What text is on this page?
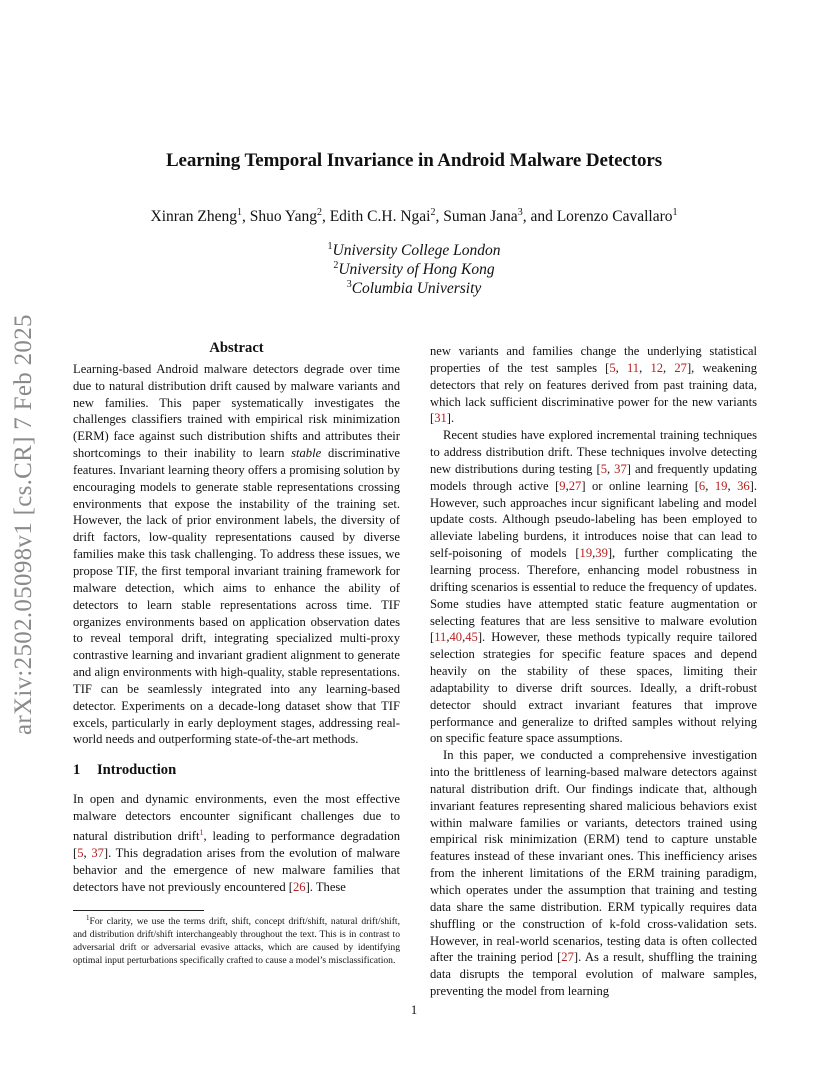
arXiv:2502.05098v1 [cs.CR] 7 Feb 2025
Learning Temporal Invariance in Android Malware Detectors
Xinran Zheng$^1$, Shuo Yang$^2$, Edith C.H. Ngai$^2$, Suman Jana$^3$, and Lorenzo Cavallaro$^1$
$^1$University College London
$^2$University of Hong Kong
$^3$Columbia University
Abstract

Learning-based Android malware detectors degrade over time due to natural distribution drift caused by malware variants and new families. This paper systematically investigates the challenges classifiers trained with empirical risk minimization (ERM) face against such distribution shifts and attributes their shortcomings to their inability to learn stable discriminative features. Invariant learning theory offers a promising solution by encouraging models to generate stable representations crossing environments that expose the instability of the training set. However, the lack of prior environment labels, the diversity of drift factors, low-quality representations caused by diverse families make this task challenging. To address these issues, we propose TIF, the first temporal invariant training framework for malware detection, which aims to enhance the ability of detectors to learn stable representations across time. TIF organizes environments based on application observation dates to reveal temporal drift, integrating specialized multi-proxy contrastive learning and invariant gradient alignment to generate and align environments with high-quality, stable representations. TIF can be seamlessly integrated into any learning-based detector. Experiments on a decade-long dataset show that TIF excels, particularly in early deployment stages, addressing real-world needs and outperforming state-of-the-art methods.

1 Introduction

In open and dynamic environments, even the most effective malware detectors encounter significant challenges due to natural distribution drift$^1$, leading to performance degradation [5, 37]. This degradation arises from the evolution of malware behavior and the emergence of new malware families that detectors have not previously encountered [26]. These

new variants and families change the underlying statistical properties of the test samples [5, 11, 12, 27], weakening detectors that rely on features derived from past training data, which lack sufficient discriminative power for the new variants [31].

Recent studies have explored incremental training techniques to address distribution drift. These techniques involve detecting new distributions during testing [5, 37] and frequently updating models through active [9,27] or online learning [6, 19, 36]. However, such approaches incur significant labeling and model update costs. Although pseudo-labeling has been employed to alleviate labeling burdens, it introduces noise that can lead to self-poisoning of models [19,39], further complicating the learning process. Therefore, enhancing model robustness in drifting scenarios is essential to reduce the frequency of updates. Some studies have attempted static feature augmentation or selecting features that are less sensitive to malware evolution [11,40,45]. However, these methods typically require tailored selection strategies for specific feature spaces and depend heavily on the stability of these spaces, limiting their adaptability to diverse drift sources. Ideally, a drift-robust detector should extract invariant features that improve performance and generalize to drifted samples without relying on specific feature space assumptions.

In this paper, we conducted a comprehensive investigation into the brittleness of learning-based malware detectors against natural distribution drift. Our findings indicate that, although invariant features representing shared malicious behaviors exist within malware families or variants, detectors trained using empirical risk minimization (ERM) tend to capture unstable features instead of these invariant ones. This inefficiency arises from the inherent limitations of the ERM training paradigm, which operates under the assumption that training and testing data share the same distribution. ERM typically requires data shuffling or the construction of k-fold cross-validation sets. However, in real-world scenarios, testing data is often collected after the training period [27]. As a result, shuffling the training data disrupts the temporal evolution of malware samples, preventing the model from learning

$^1$For clarity, we use the terms drift, shift, concept drift/shift, natural drift/shift, and distribution drift/shift interchangeably throughout the text. This is in contrast to adversarial drift or adversarial evasive attacks, which are caused by identifying optimal input perturbations specifically crafted to cause a model’s misclassification.
1
